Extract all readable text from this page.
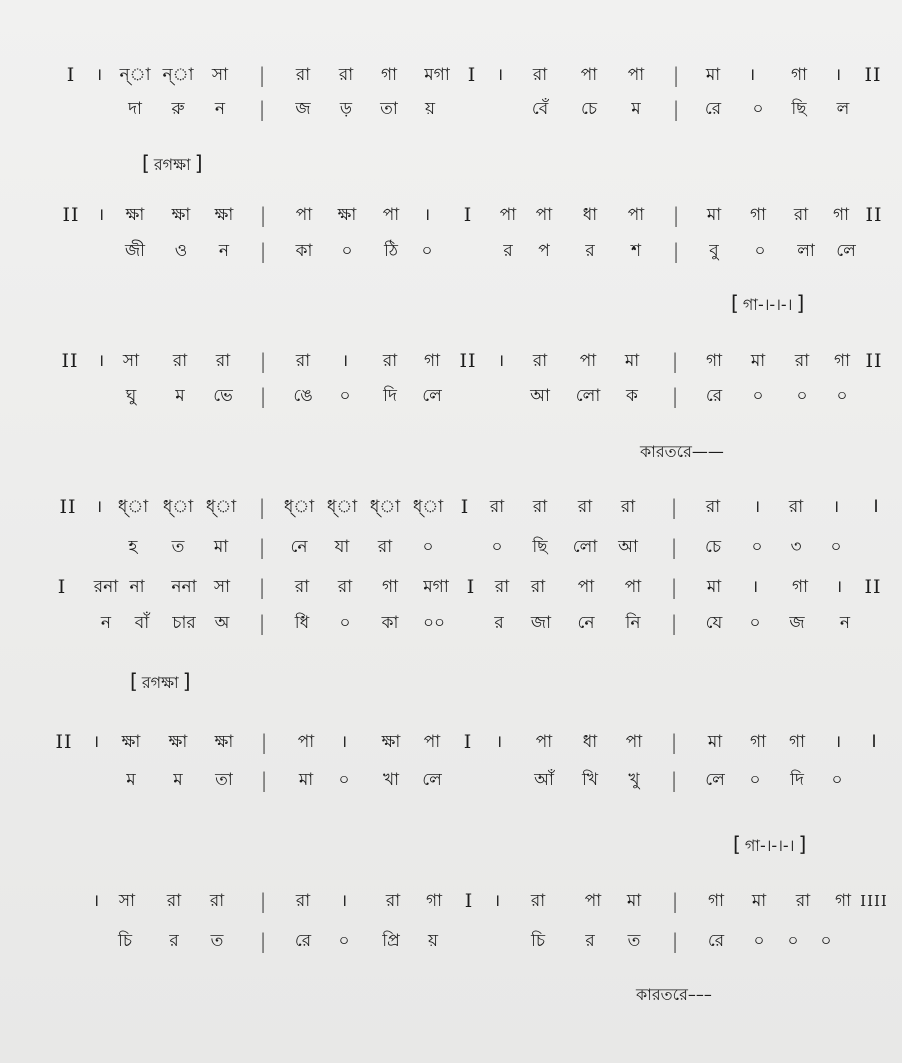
I । ন্া ন্া সা | রা রা গা মগা I । রা পা পা | মা । গা । II
দা রু ন | জ ড় তা য়	বেঁ চে ম | রে ০ ছি ল
[ রগক্ষা ]
II । ক্ষা ক্ষা ক্ষা | পা ক্ষা পা । I পা পা ধা পা | মা গা রা গা II
জী ও ন | কা ০ ঠি ০	র প র শ | বু ০ লা লে
[ গা-।-।-। ]
II । সা রা রা | রা । রা গা II । রা পা মা | গা মা রা গা II
ঘু ম ভে | ঙে ০ দি লে	আ লো ক | রে ০ ০ ০
কারতরে——
II । ধ্া ধ্া ধ্া | ধ্া ধ্া ধ্া ধ্া I রা রা রা রা | রা । রা । I
হ ত মা | নে যা রা ০	০ ছি লো আ | চে ০ ৩ ০
I রনা না ননা সা | রা রা গা মগা I রা রা পা পা | মা । গা । II
ন বাঁ চার অ | ধি ০ কা ০০	র জা নে নি | যে ০ জ ন
[ রগক্ষা ]
II । ক্ষা ক্ষা ক্ষা | পা । ক্ষা পা I । পা ধা পা | মা গা গা । I
ম ম তা | মা ০ খা লে	আঁ খি খু | লে ০ দি ০
[ গা-।-।-। ]
। সা রা রা | রা । রা গা I । রা পা মা | গা মা রা গা IIII
চি র ত | রে ০ প্রি য়	চি র ত | রে ০ ০ ০
কারতরে–––
